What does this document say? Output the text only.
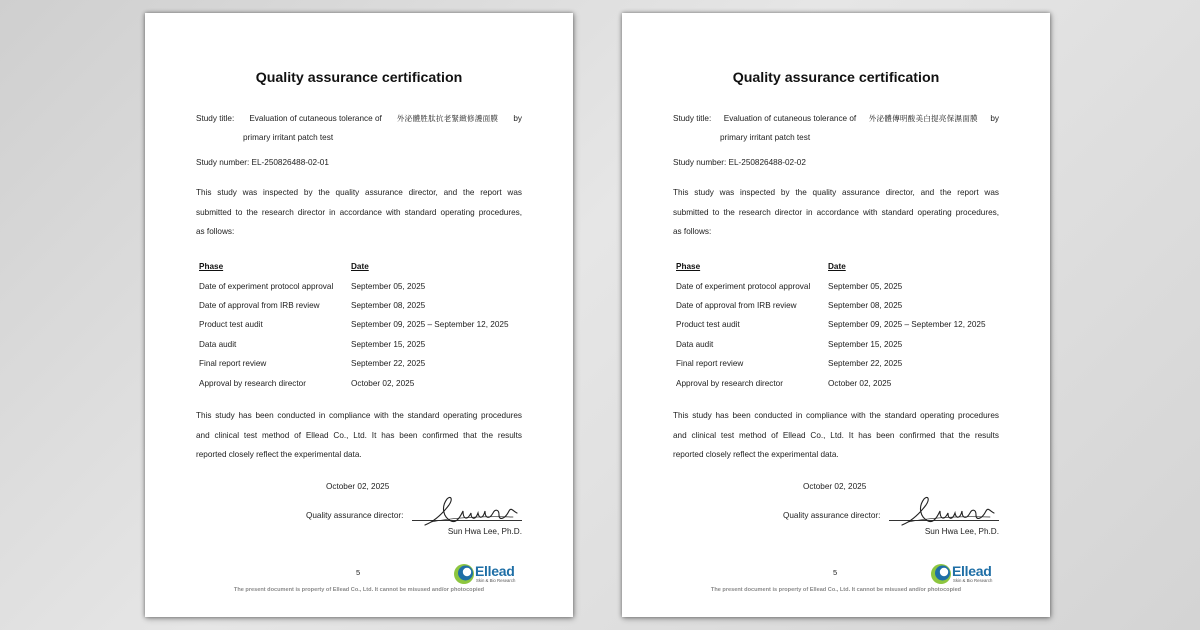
Quality assurance certification
Study title: Evaluation of cutaneous tolerance of 外泌體胜肽抗老緊緻修護面膜 by
primary irritant patch test
Study number: EL-250826488-02-01
This study was inspected by the quality assurance director, and the report was
submitted to the research director in accordance with standard operating procedures,
as follows:
Phase	Date
Date of experiment protocol approval	September 05, 2025
Date of approval from IRB review	September 08, 2025
Product test audit	September 09, 2025 – September 12, 2025
Data audit	September 15, 2025
Final report review	September 22, 2025
Approval by research director	October 02, 2025
This study has been conducted in compliance with the standard operating procedures
and clinical test method of Ellead Co., Ltd. It has been confirmed that the results
reported closely reflect the experimental data.
October 02, 2025
Quality assurance director:
Sun Hwa Lee, Ph.D.
5	Ellead
Skin & Bio Research
The present document is property of Ellead Co., Ltd. It cannot be misused and/or photocopied
Quality assurance certification
Study title: Evaluation of cutaneous tolerance of 外泌體傳明酸美白提亮保濕面膜 by
primary irritant patch test
Study number: EL-250826488-02-02
This study was inspected by the quality assurance director, and the report was
submitted to the research director in accordance with standard operating procedures,
as follows:
Phase	Date
Date of experiment protocol approval	September 05, 2025
Date of approval from IRB review	September 08, 2025
Product test audit	September 09, 2025 – September 12, 2025
Data audit	September 15, 2025
Final report review	September 22, 2025
Approval by research director	October 02, 2025
This study has been conducted in compliance with the standard operating procedures
and clinical test method of Ellead Co., Ltd. It has been confirmed that the results
reported closely reflect the experimental data.
October 02, 2025
Quality assurance director:
Sun Hwa Lee, Ph.D.
5	Ellead
Skin & Bio Research
The present document is property of Ellead Co., Ltd. It cannot be misused and/or photocopied
